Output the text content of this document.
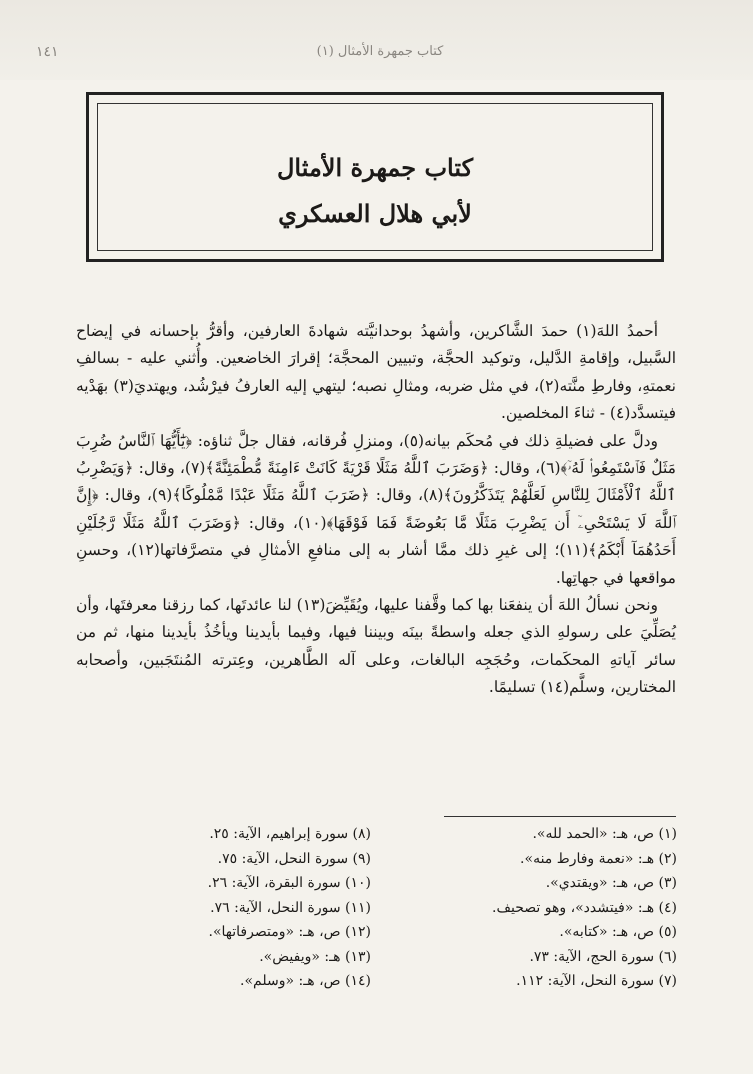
١٤١	(١) كتاب جمهرة الأمثال
كتاب جمهرة الأمثال
لأبي هلال العسكري

أحمدُ اللهَ(١) حمدَ الشَّاكرين، وأشهدُ بوحدانيَّته شهادةَ العارفين، وأقرُّ بإحسانه في إيضاح السَّبيل، وإقامةِ الدَّليل، وتوكيد الحجَّة، وتبيين المحجَّة؛ إقرارَ الخاضعين. وأُثني عليه - بسالفِ نعمتهِ، وفارطِ منَّته(٢)، في مثل ضربه، ومثالِ نصبه؛ ليتهي إليه العارفُ فيرْشُد، ويهتديَ(٣) بهَدْيه فيتسدَّد(٤) - ثناءَ المخلصين.

ودلَّ على فضيلةِ ذلك في مُحكَم بيانه(٥)، ومنزلِ فُرقانه، فقال جلَّ ثناؤه: ﴿يَٰٓأَيُّهَا ٱلنَّاسُ ضُرِبَ مَثَلٌ فَٱسْتَمِعُوا۟ لَهُۥٓ﴾(٦)، وقال: ﴿وَضَرَبَ ٱللَّهُ مَثَلًا قَرْيَةً كَانَتْ ءَامِنَةً مُّطْمَئِنَّةً﴾(٧)، وقال: ﴿وَيَضْرِبُ ٱللَّهُ ٱلْأَمْثَالَ لِلنَّاسِ لَعَلَّهُمْ يَتَذَكَّرُونَ﴾(٨)، وقال: ﴿ضَرَبَ ٱللَّهُ مَثَلًا عَبْدًا مَّمْلُوكًا﴾(٩)، وقال: ﴿إِنَّ ٱللَّهَ لَا يَسْتَحْىِۦٓ أَن يَضْرِبَ مَثَلًا مَّا بَعُوضَةً فَمَا فَوْقَهَا﴾(١٠)، وقال: ﴿وَضَرَبَ ٱللَّهُ مَثَلًا رَّجُلَيْنِ أَحَدُهُمَآ أَبْكَمُ﴾(١١)؛ إلى غيرِ ذلك ممَّا أشار به إلى منافعِ الأمثالِ في متصرَّفاتها(١٢)، وحسنِ مواقعها في جهاتِها.

ونحن نسألُ اللهَ أن ينفعَنا بها كما وقَّفنا عليها، ويُقَيِّضَ(١٣) لنا عائدتَها، كما رزقنا معرفتَها، وأن يُصَلِّيَ على رسولهِ الذي جعله واسطةً بينَه وبيننا فيها، وفيما بأيدينا ويأخُذُ بأيدينا منها، ثم من سائر آياتهِ المحكَمات، وحُجَجِه البالغات، وعلى آله الطَّاهرين، وعِترته المُنتَجَبين، وأصحابه المختارين، وسلَّم(١٤) تسليمًا.

(١) ص، هـ: «الحمد لله».
(٢) هـ: «نعمة وفارط منه».
(٣) ص، هـ: «ويقتدي».
(٤) هـ: «فيتشدد»، وهو تصحيف.
(٥) ص، هـ: «كتابه».
(٦) سورة الحج، الآية: ٧٣.
(٧) سورة النحل، الآية: ١١٢.
(٨) سورة إبراهيم، الآية: ٢٥.
(٩) سورة النحل، الآية: ٧٥.
(١٠) سورة البقرة، الآية: ٢٦.
(١١) سورة النحل، الآية: ٧٦.
(١٢) ص، هـ: «ومتصرفاتها».
(١٣) هـ: «ويفيض».
(١٤) ص، هـ: «وسلم».
